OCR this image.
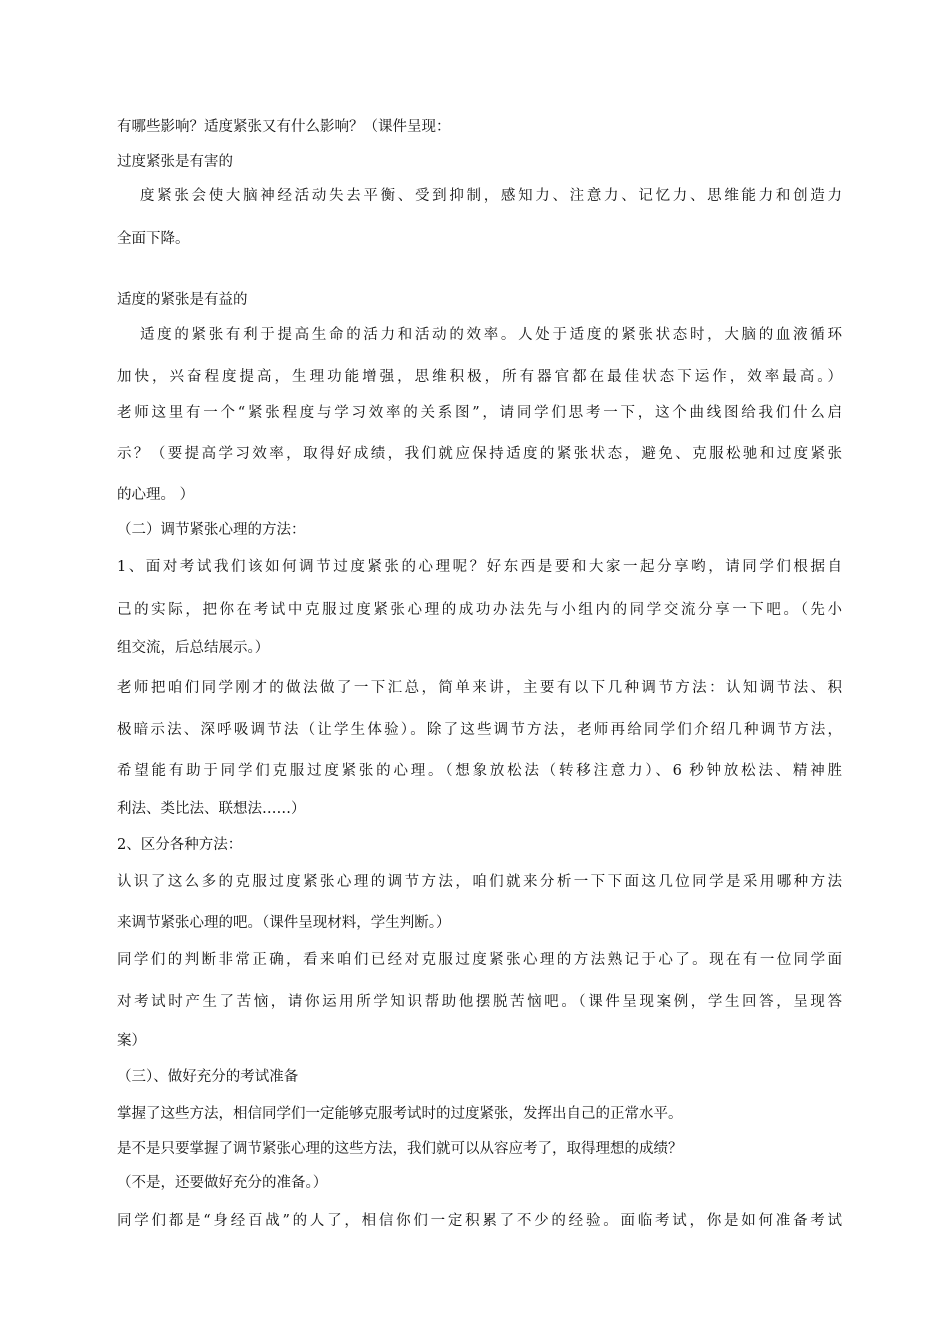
有哪些影响？适度紧张又有什么影响？（课件呈现：
过度紧张是有害的
度紧张会使大脑神经活动失去平衡、受到抑制，感知力、注意力、记忆力、思维能力和创造力
全面下降。
适度的紧张是有益的
适度的紧张有利于提高生命的活力和活动的效率。人处于适度的紧张状态时，大脑的血液循环
加快，兴奋程度提高，生理功能增强，思维积极，所有器官都在最佳状态下运作，效率最高。）
老师这里有一个“紧张程度与学习效率的关系图”，请同学们思考一下，这个曲线图给我们什么启
示？（要提高学习效率，取得好成绩，我们就应保持适度的紧张状态，避免、克服松驰和过度紧张
的心理。 ）
（二）调节紧张心理的方法：
1、面对考试我们该如何调节过度紧张的心理呢？好东西是要和大家一起分享哟，请同学们根据自
己的实际，把你在考试中克服过度紧张心理的成功办法先与小组内的同学交流分享一下吧。（先小
组交流，后总结展示。）
老师把咱们同学刚才的做法做了一下汇总，简单来讲，主要有以下几种调节方法：认知调节法、积
极暗示法、深呼吸调节法（让学生体验）。除了这些调节方法，老师再给同学们介绍几种调节方法，
希望能有助于同学们克服过度紧张的心理。（想象放松法（转移注意力）、6 秒钟放松法、精神胜
利法、类比法、联想法……）
2、区分各种方法：
认识了这么多的克服过度紧张心理的调节方法，咱们就来分析一下下面这几位同学是采用哪种方法
来调节紧张心理的吧。（课件呈现材料，学生判断。）
同学们的判断非常正确，看来咱们已经对克服过度紧张心理的方法熟记于心了。现在有一位同学面
对考试时产生了苦恼，请你运用所学知识帮助他摆脱苦恼吧。（课件呈现案例，学生回答，呈现答
案）
（三）、做好充分的考试准备
掌握了这些方法，相信同学们一定能够克服考试时的过度紧张，发挥出自己的正常水平。
是不是只要掌握了调节紧张心理的这些方法，我们就可以从容应考了，取得理想的成绩？
（不是，还要做好充分的准备。）
同学们都是“身经百战”的人了，相信你们一定积累了不少的经验。面临考试，你是如何准备考试
